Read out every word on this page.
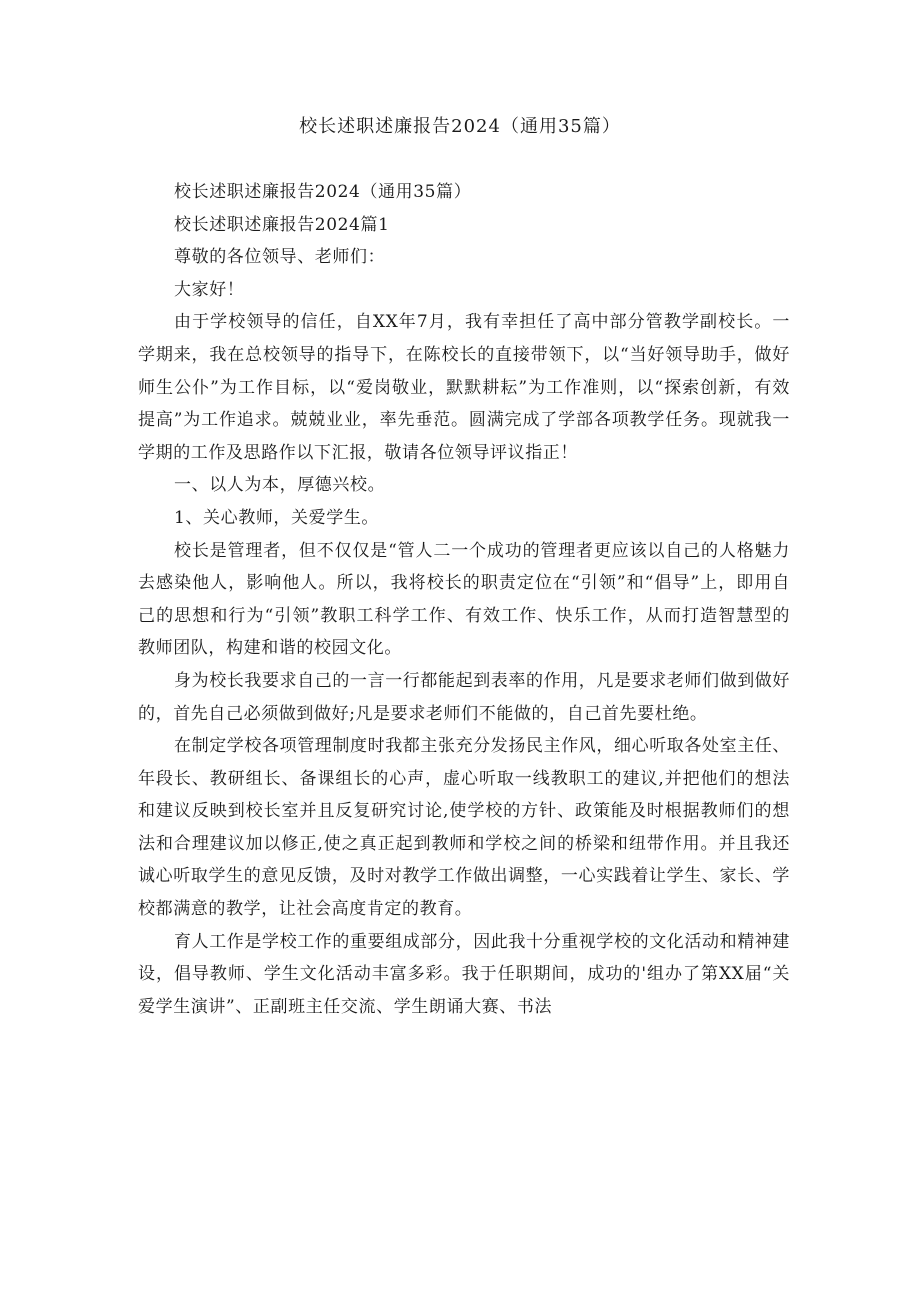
校长述职述廉报告2024（通用35篇）

校长述职述廉报告2024（通用35篇）

校长述职述廉报告2024篇1

尊敬的各位领导、老师们：

大家好！

由于学校领导的信任，自XX年7月，我有幸担任了高中部分管教学副校长。一学期来，我在总校领导的指导下，在陈校长的直接带领下，以“当好领导助手，做好师生公仆”为工作目标，以“爱岗敬业，默默耕耘”为工作准则，以“探索创新，有效提高”为工作追求。兢兢业业，率先垂范。圆满完成了学部各项教学任务。现就我一学期的工作及思路作以下汇报，敬请各位领导评议指正！

一、以人为本，厚德兴校。

1、关心教师，关爱学生。

校长是管理者，但不仅仅是“管人二一个成功的管理者更应该以自己的人格魅力去感染他人，影响他人。所以，我将校长的职责定位在“引领”和“倡导”上，即用自己的思想和行为“引领”教职工科学工作、有效工作、快乐工作，从而打造智慧型的教师团队，构建和谐的校园文化。

身为校长我要求自己的一言一行都能起到表率的作用，凡是要求老师们做到做好的，首先自己必须做到做好;凡是要求老师们不能做的，自己首先要杜绝。

在制定学校各项管理制度时我都主张充分发扬民主作风，细心听取各处室主任、年段长、教研组长、备课组长的心声，虚心听取一线教职工的建议,并把他们的想法和建议反映到校长室并且反复研究讨论,使学校的方针、政策能及时根据教师们的想法和合理建议加以修正,使之真正起到教师和学校之间的桥梁和纽带作用。并且我还诚心听取学生的意见反馈，及时对教学工作做出调整，一心实践着让学生、家长、学校都满意的教学，让社会高度肯定的教育。

育人工作是学校工作的重要组成部分，因此我十分重视学校的文化活动和精神建设，倡导教师、学生文化活动丰富多彩。我于任职期间，成功的'组办了第XX届“关爱学生演讲”、正副班主任交流、学生朗诵大赛、书法
